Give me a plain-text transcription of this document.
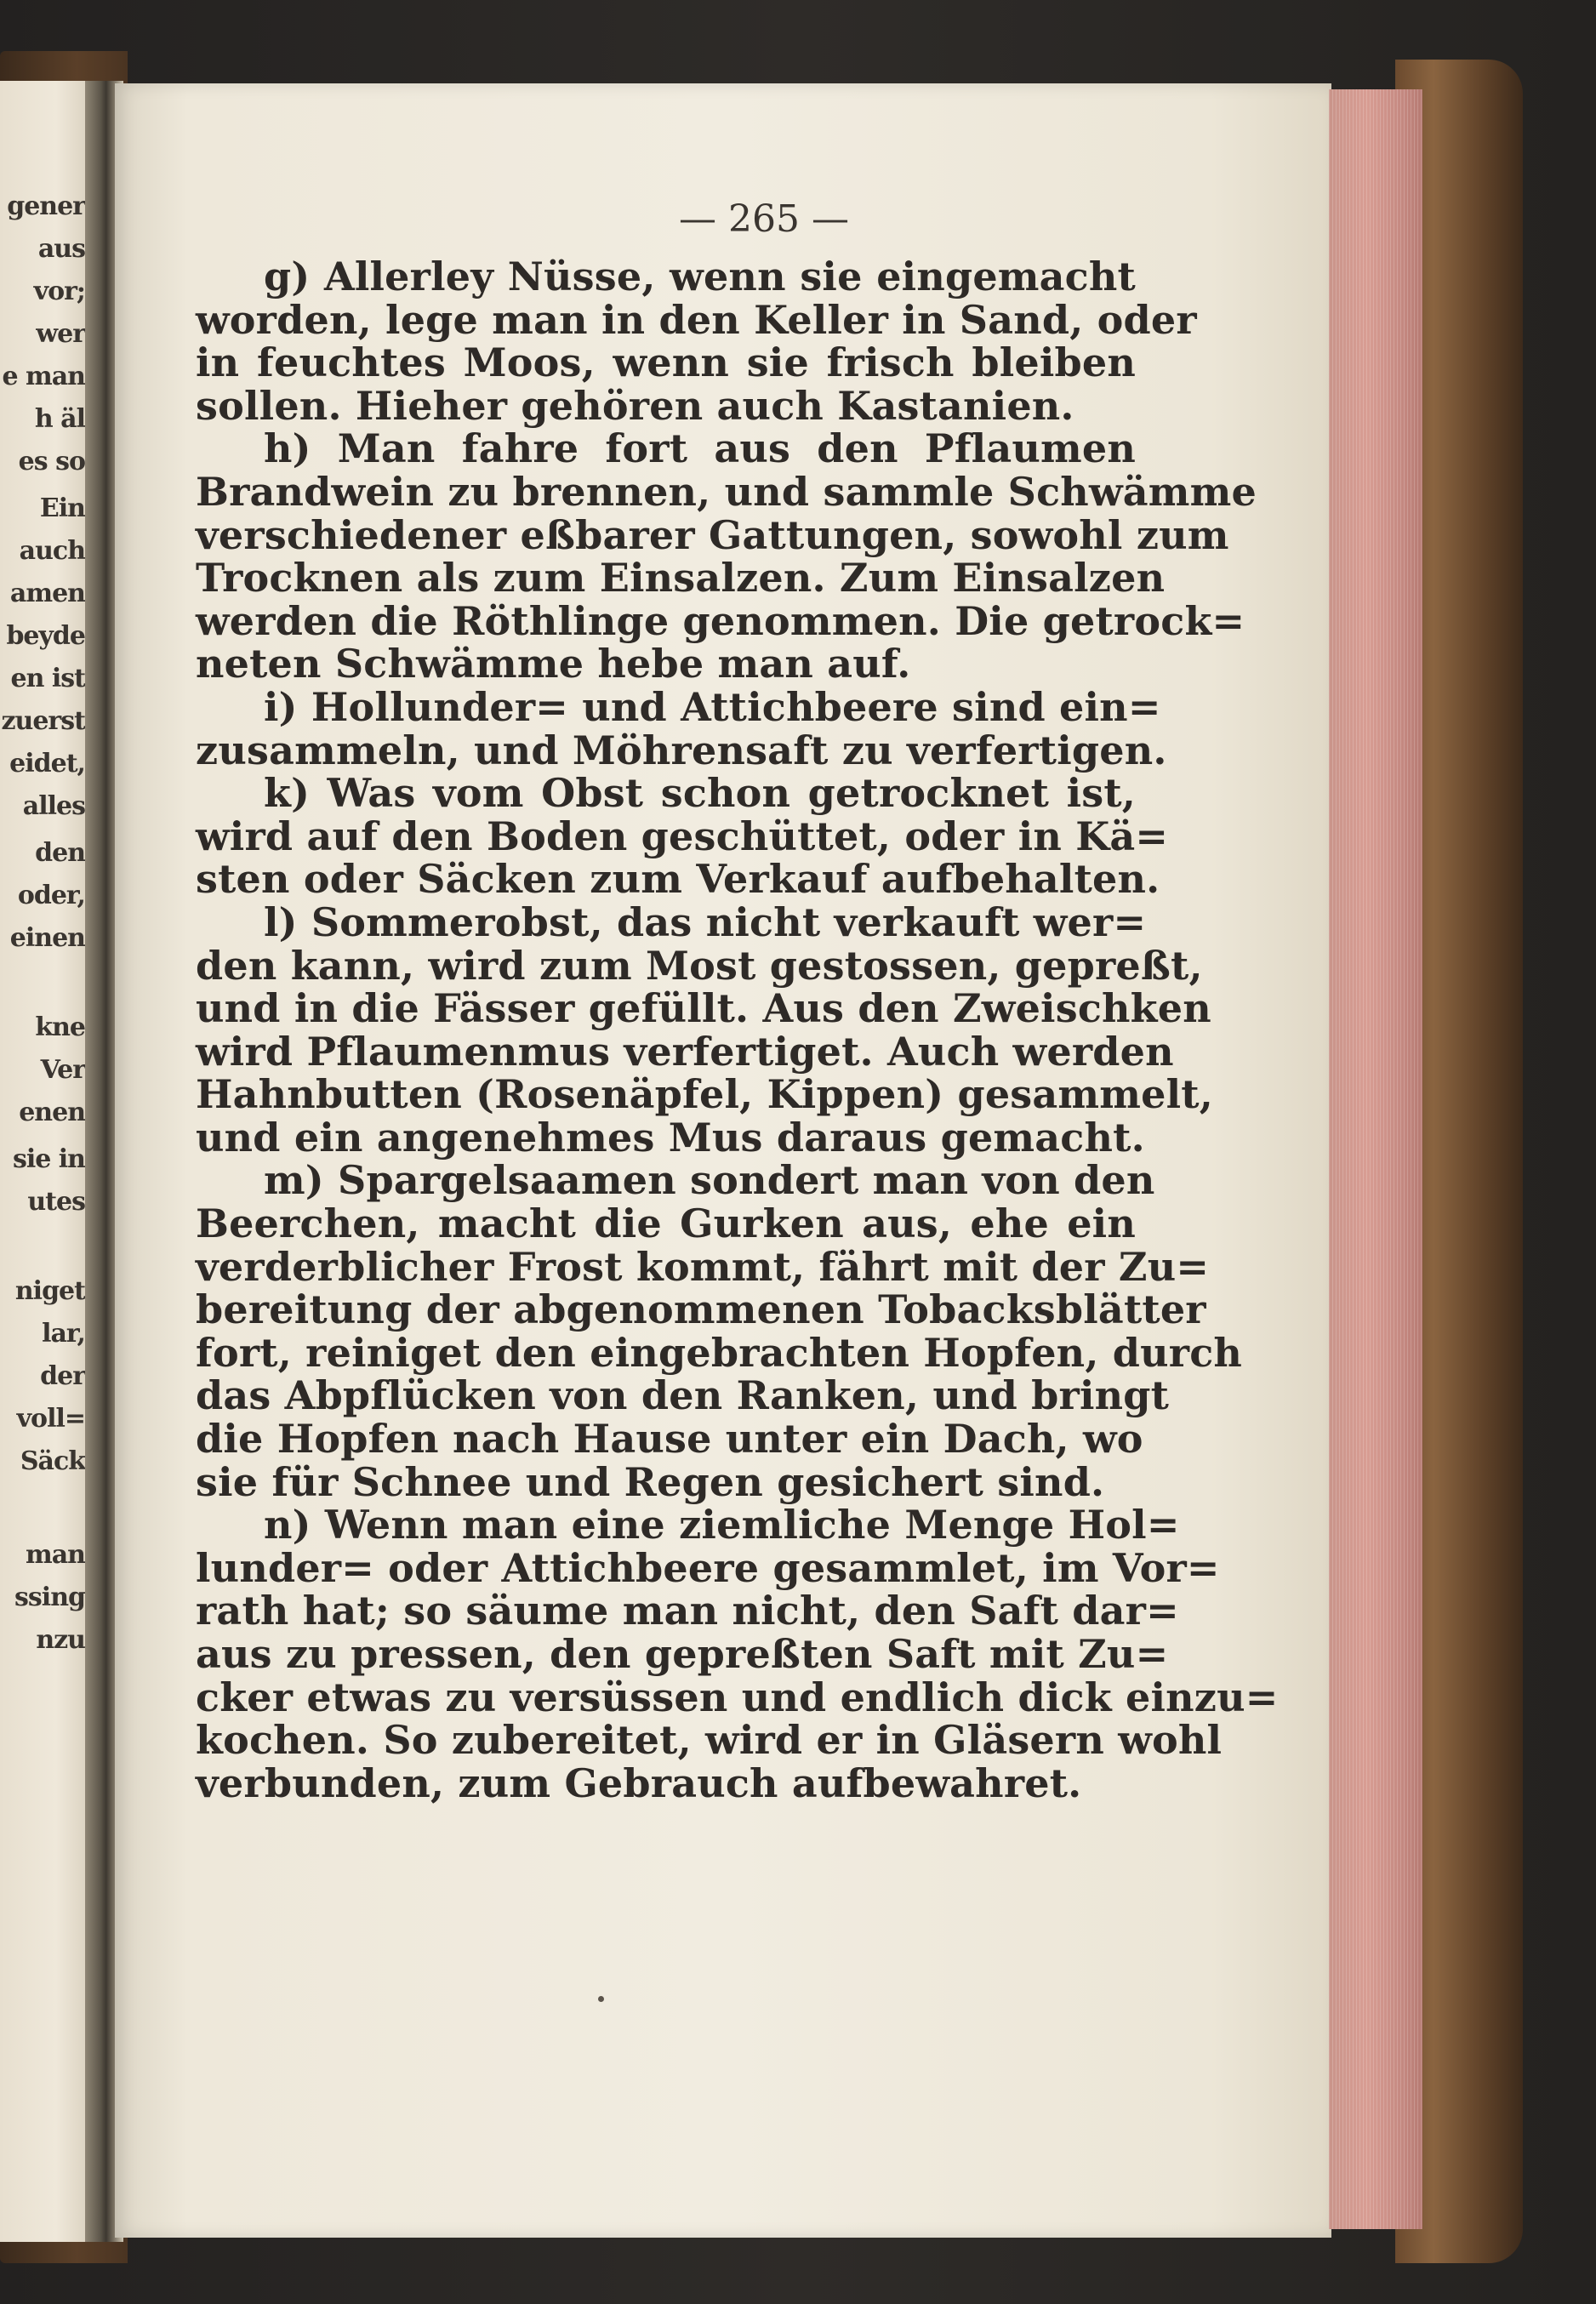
gener
aus
vor;
wer
e man
h äl
es so
Ein
auch
amen
beyde
en ist
zuerst
eidet,
alles
den
oder,
einen
kne
Ver
enen
sie in
utes
niget
lar,
der
voll=
Säck
man
ssing
nzu
— 265 —
g) Allerley Nüsse, wenn sie eingemacht
worden, lege man in den Keller in Sand, oder
in feuchtes Moos, wenn sie frisch bleiben
sollen. Hieher gehören auch Kastanien.
h) Man fahre fort aus den Pflaumen
Brandwein zu brennen, und sammle Schwämme
verschiedener eßbarer Gattungen, sowohl zum
Trocknen als zum Einsalzen. Zum Einsalzen
werden die Röthlinge genommen. Die getrock=
neten Schwämme hebe man auf.
i) Hollunder= und Attichbeere sind ein=
zusammeln, und Möhrensaft zu verfertigen.
k) Was vom Obst schon getrocknet ist,
wird auf den Boden geschüttet, oder in Kä=
sten oder Säcken zum Verkauf aufbehalten.
l) Sommerobst, das nicht verkauft wer=
den kann, wird zum Most gestossen, gepreßt,
und in die Fässer gefüllt. Aus den Zweischken
wird Pflaumenmus verfertiget. Auch werden
Hahnbutten (Rosenäpfel, Kippen) gesammelt,
und ein angenehmes Mus daraus gemacht.
m) Spargelsaamen sondert man von den
Beerchen, macht die Gurken aus, ehe ein
verderblicher Frost kommt, fährt mit der Zu=
bereitung der abgenommenen Tobacksblätter
fort, reiniget den eingebrachten Hopfen, durch
das Abpflücken von den Ranken, und bringt
die Hopfen nach Hause unter ein Dach, wo
sie für Schnee und Regen gesichert sind.
n) Wenn man eine ziemliche Menge Hol=
lunder= oder Attichbeere gesammlet, im Vor=
rath hat; so säume man nicht, den Saft dar=
aus zu pressen, den gepreßten Saft mit Zu=
cker etwas zu versüssen und endlich dick einzu=
kochen. So zubereitet, wird er in Gläsern wohl
verbunden, zum Gebrauch aufbewahret.
